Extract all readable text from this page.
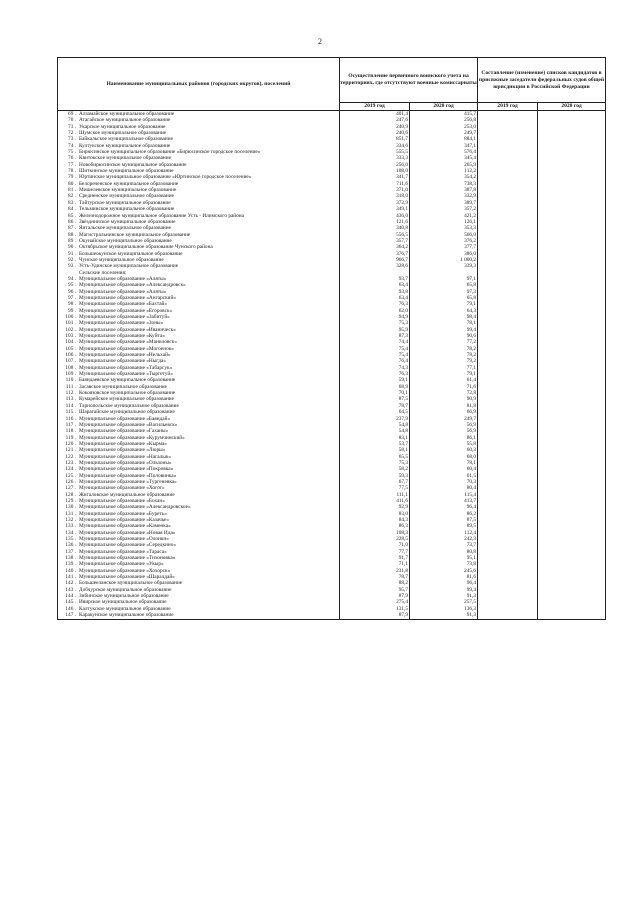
2
Наименование муниципальных районов (городских округов), поселений	Осуществление первичного воинского учета на территориях, где отсутствуют военные комиссариаты		Составление (изменение) списков кандидатов в присяжные заседатели федеральных судов общей юрисдикции в Российской Федерации	
	2019 год	2020 год	2019 год	2020 год
69 . Алзамайское муниципальное образование	401,4	415,7		
70 . Атагайское муниципальное образование	247,6	256,8		
71 . Укарское муниципальное образование	240,9	253,0		
72 . Шумское муниципальное образование	240,6	249,7		
73 . Байкальское муниципальное образование	851,7	884,1		
74 . Култукское муниципальное образование	334,6	347,1		
75 . Бирюсинское муниципальное образование «Бирюсинское городское поселение»	555,5	576,4		
76 . Квитокское муниципальное образование	333,3	345,4		
77 . Новобирюсинское муниципальное образование	256,0	265,9		
78 . Шиткинское муниципальное образование	108,0	112,2		
79 . Юртинское муниципальное образование «Юртинское городское поселение»	341,7	354,2		
80 . Белореченское муниципальное образование	711,6	738,3		
81 . Мишелевское муниципальное образование	371,0	387,8		
82 . Средненское муниципальное образование	318,0	332,9		
83 . Тайтурское муниципальное образование	372,9	389,7		
84 . Тельминское муниципальное образование	349,1	357,2		
85 . Железнодорожное муниципальное образование Усть - Илимского района	436,0	421,2		
86 . Звёзднинское муниципальное образование	121,6	126,1		
87 . Янтальское муниципальное образование	340,8	353,3		
88 . Магистральнинское муниципальное образование	556,5	566,0		
89 . Окунайское муниципальное образование	357,7	376,2		
90 . Октябрьское муниципальное образование Чунского района	364,2	377,7		
91 . Большеокунское муниципальное образование	376,7	386,0		
92 . Чунское муниципальное образование	966,7	1 000,2		
93 . Усть-Удинское муниципальное образование	328,6	339,3		
Сельские поселения:				
94 . Муниципальное образование «Аляты»	93,7	97,1		
95 . Муниципальное образование «Александровск»	63,4	65,8		
96 . Муниципальное образование «Аляты»	93,8	97,3		
97 . Муниципальное образование «Ангарский»	63,4	65,8		
98 . Муниципальное образование «Бахтай»	76,3	79,1		
99 . Муниципальное образование «Егоровск»	62,0	64,3		
100 . Муниципальное образование «Забитуй»	94,9	98,4		
101 . Муниципальное образование «Зоны»	75,3	78,1		
102 . Муниципальное образование «Иваническ»	95,9	99,4		
103 . Муниципальное образование «Куйта»	87,3	90,6		
104 . Муниципальное образование «Маниловск»	74,4	77,2		
105 . Муниципальное образование «Могоенок»	75,4	78,2		
106 . Муниципальное образование «Нельхай»	75,4	78,2		
107 . Муниципальное образование «Ныгда»	76,4	79,2		
108 . Муниципальное образование «Табарсук»	74,3	77,1		
109 . Муниципальное образование «Тыргетуй»	76,3	79,1		
110 . Баяндаевское муниципальное образование	59,1	61,4		
111 . Засавское муниципальное образование	68,9	71,6		
112 . Кокоязовское муниципальное образование	70,1	72,8		
113 . Кумарейское муниципальное образование	87,5	90,9		
114 . Тарнопольское муниципальное образование	78,7	81,8		
115 . Шарагайское муниципальное образование	64,5	66,9		
116 . Муниципальное образование «Баяндай»	237,9	249,7		
117 . Муниципальное образование «Васильевск»	54,8	56,9		
118 . Муниципальное образование «Гаханы»	54,8	56,9		
119 . Муниципальное образование «Курумчинский»	83,1	86,1		
120 . Муниципальное образование «Кырма»	53,7	55,8		
121 . Муниципальное образование «Люры»	58,1	60,3		
122 . Муниципальное образование «Нагалык»	65,5	68,0		
123 . Муниципальное образование «Ользоны»	75,3	78,1		
124 . Муниципальное образование «Покровка»	58,2	60,4		
125 . Муниципальное образование «Половинка»	59,3	61,5		
126 . Муниципальное образование «Тургеневка»	67,7	70,3		
127 . Муниципальное образование «Хогот»	77,5	80,4		
128 . Жигаловское муниципальное образование	111,1	115,4		
129 . Муниципальное образование «Бохан»	411,6	413,7		
130 . Муниципальное образование «Александровское»	92,9	96,4		
131 . Муниципальное образование «Буреть»	83,0	86,2		
132 . Муниципальное образование «Казачье»	84,3	87,5		
133 . Муниципальное образование «Каменка»	86,3	89,5		
134 . Муниципальное образование «Новая Ида»	108,3	112,4		
135 . Муниципальное образование «Олонки»	228,5	242,3		
136 . Муниципальное образование «Середкино»	71,0	73,7		
137 . Муниципальное образование «Тараса»	77,7	80,8		
138 . Муниципальное образование «Тихоновка»	91,7	95,1		
139 . Муниципальное образование «Укыр»	71,1	73,8		
140 . Муниципальное образование «Хохорск»	231,8	245,6		
141 . Муниципальное образование «Шаралдай»	78,7	81,6		
142 . Большееланское муниципальное образование	88,2	96,4		
143 . Добчурское муниципальное образование	95,7	99,4		
144 . Зибинское муниципальное образование	87,9	91,3		
145 . Ивирское муниципальное образование	275,4	257,5		
146 . Калтукское муниципальное образование	131,5	136,3		
147 . Каракунское муниципальное образование	87,9	91,3		
